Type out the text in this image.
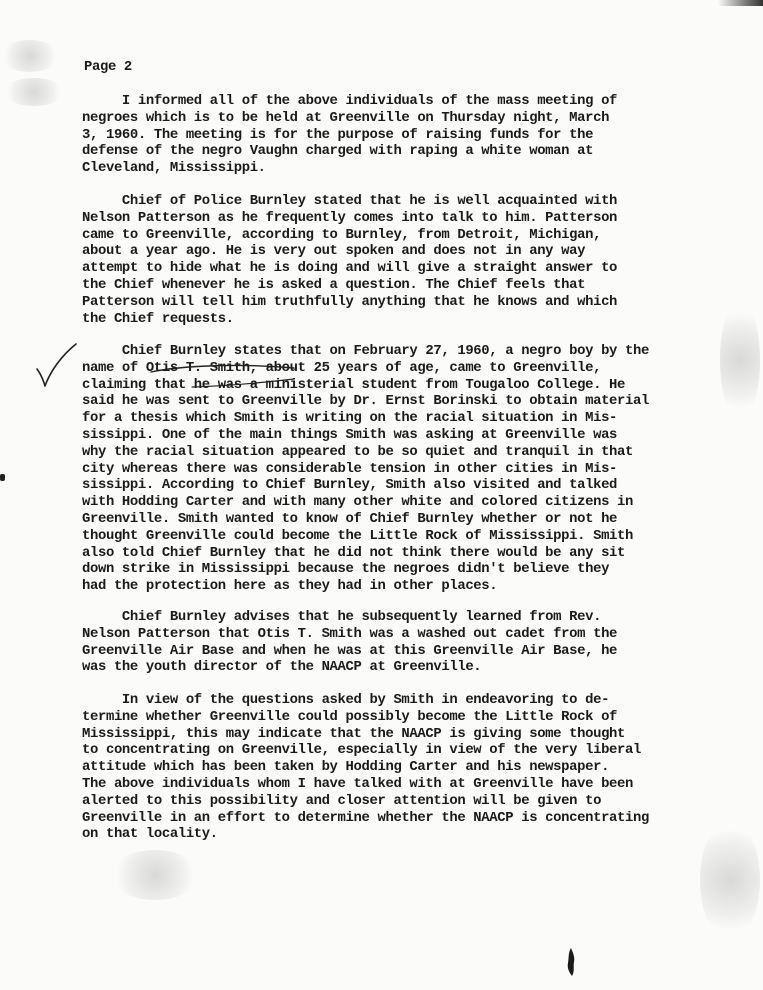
Page 2
I informed all of the above individuals of the mass meeting of
negroes which is to be held at Greenville on Thursday night, March
3, 1960. The meeting is for the purpose of raising funds for the
defense of the negro Vaughn charged with raping a white woman at
Cleveland, Mississippi.
Chief of Police Burnley stated that he is well acquainted with
Nelson Patterson as he frequently comes into talk to him. Patterson
came to Greenville, according to Burnley, from Detroit, Michigan,
about a year ago. He is very out spoken and does not in any way
attempt to hide what he is doing and will give a straight answer to
the Chief whenever he is asked a question. The Chief feels that
Patterson will tell him truthfully anything that he knows and which
the Chief requests.
Chief Burnley states that on February 27, 1960, a negro boy by the
name of Otis T. Smith, about 25 years of age, came to Greenville,
claiming that he was a ministerial student from Tougaloo College. He
said he was sent to Greenville by Dr. Ernst Borinski to obtain material
for a thesis which Smith is writing on the racial situation in Mis-
sissippi. One of the main things Smith was asking at Greenville was
why the racial situation appeared to be so quiet and tranquil in that
city whereas there was considerable tension in other cities in Mis-
sissippi. According to Chief Burnley, Smith also visited and talked
with Hodding Carter and with many other white and colored citizens in
Greenville. Smith wanted to know of Chief Burnley whether or not he
thought Greenville could become the Little Rock of Mississippi. Smith
also told Chief Burnley that he did not think there would be any sit
down strike in Mississippi because the negroes didn't believe they
had the protection here as they had in other places.
Chief Burnley advises that he subsequently learned from Rev.
Nelson Patterson that Otis T. Smith was a washed out cadet from the
Greenville Air Base and when he was at this Greenville Air Base, he
was the youth director of the NAACP at Greenville.
In view of the questions asked by Smith in endeavoring to de-
termine whether Greenville could possibly become the Little Rock of
Mississippi, this may indicate that the NAACP is giving some thought
to concentrating on Greenville, especially in view of the very liberal
attitude which has been taken by Hodding Carter and his newspaper.
The above individuals whom I have talked with at Greenville have been
alerted to this possibility and closer attention will be given to
Greenville in an effort to determine whether the NAACP is concentrating
on that locality.
